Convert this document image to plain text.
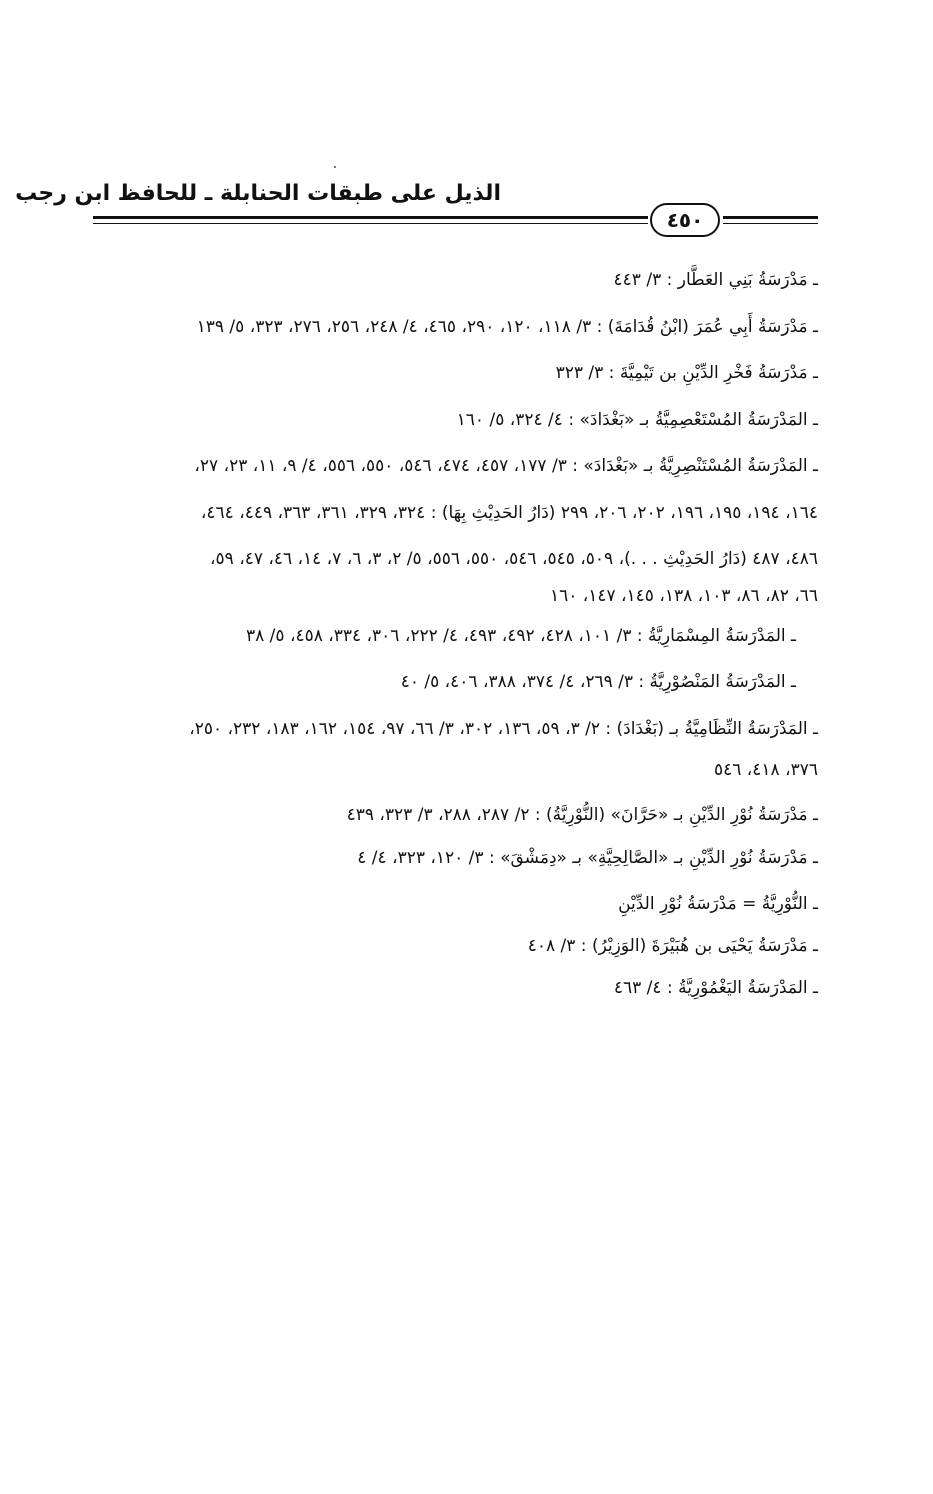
الذيل على طبقات الحنابلة ـ للحافظ ابن رجب
٤٥٠
ـ مَدْرَسَةُ بَنِي العَطَّار : ٣/ ٤٤٣
ـ مَدْرَسَةُ أَبِي عُمَرَ (ابْنُ قُدَامَةَ) : ٣/ ١١٨، ١٢٠، ٢٩٠، ٤٦٥، ٤/ ٢٤٨، ٢٥٦، ٢٧٦، ٣٢٣، ٥/ ١٣٩
ـ مَدْرَسَةُ فَخْرِ الدِّيْنِ بن تَيْمِيَّةَ : ٣/ ٣٢٣
ـ المَدْرَسَةُ المُسْتَعْصِمِيَّةُ بـ «بَغْدَادَ» : ٤/ ٣٢٤، ٥/ ١٦٠
ـ المَدْرَسَةُ المُسْتَنْصِرِيَّةُ بـ «بَغْدَادَ» : ٣/ ١٧٧، ٤٥٧، ٤٧٤، ٥٤٦، ٥٥٠، ٥٥٦، ٤/ ٩، ١١، ٢٣، ٢٧،
١٦٤، ١٩٤، ١٩٥، ١٩٦، ٢٠٢، ٢٠٦، ٢٩٩ (دَارُ الحَدِيْثِ بِهَا) : ٣٢٤، ٣٢٩، ٣٦١، ٣٦٣، ٤٤٩، ٤٦٤،
٤٨٦، ٤٨٧ (دَارُ الحَدِيْثِ . . .)، ٥٠٩، ٥٤٥، ٥٤٦، ٥٥٠، ٥٥٦، ٥/ ٢، ٣، ٦، ٧، ١٤، ٤٦، ٤٧، ٥٩،
٦٦، ٨٢، ٨٦، ١٠٣، ١٣٨، ١٤٥، ١٤٧، ١٦٠
ـ المَدْرَسَةُ المِسْمَارِيَّةُ : ٣/ ١٠١، ٤٢٨، ٤٩٢، ٤٩٣، ٤/ ٢٢٢، ٣٠٦، ٣٣٤، ٤٥٨، ٥/ ٣٨
ـ المَدْرَسَةُ المَنْصُوْرِيَّةُ : ٣/ ٢٦٩، ٤/ ٣٧٤، ٣٨٨، ٤٠٦، ٥/ ٤٠
ـ المَدْرَسَةُ النِّظَامِيَّةُ بـ (بَغْدَادَ) : ٢/ ٣، ٥٩، ١٣٦، ٣٠٢، ٣/ ٦٦، ٩٧، ١٥٤، ١٦٢، ١٨٣، ٢٣٢، ٢٥٠،
٣٧٦، ٤١٨، ٥٤٦
ـ مَدْرَسَةُ نُوْرِ الدِّيْنِ بـ «حَرَّانَ» (النُّوْرِيَّةُ) : ٢/ ٢٨٧، ٢٨٨، ٣/ ٣٢٣، ٤٣٩
ـ مَدْرَسَةُ نُوْرِ الدِّيْنِ بـ «الصَّالِحِيَّةِ» بـ «دِمَشْقَ» : ٣/ ١٢٠، ٣٢٣، ٤/ ٤
ـ النُّوْرِيَّةُ = مَدْرَسَةُ نُوْرِ الدِّيْنِ
ـ مَدْرَسَةُ يَحْيَى بن هُبَيْرَةَ (الوَزِيْرُ) : ٣/ ٤٠٨
ـ المَدْرَسَةُ اليَغْمُوْرِيَّةُ : ٤/ ٤٦٣
